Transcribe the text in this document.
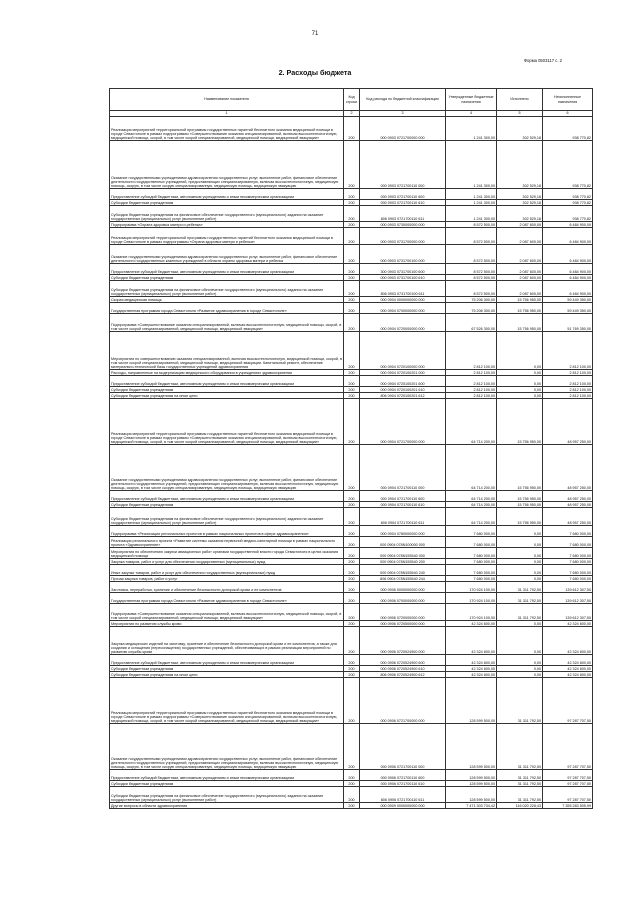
71
Форма 0503117 с. 2
2. Расходы бюджета
Наименование показателя	Код строки	Код расхода по бюджетной классификации	Утвержденные бюджетные назначения	Исполнено	Неисполненные назначения
1	2	3	4	5	6
Реализация мероприятий территориальной программы государственных гарантий бесплатного оказания медицинской помощи в городе Севастополе в рамках подпрограммы «Совершенствование оказания специализированной, включая высокотехнологичную, медицинской помощи, скорой, в том числе скорой специализированной, медицинской помощи, медицинской эвакуации»	200	000 0903 0721700000 000	1 241 300,00	302 529,18	938 770,82
Оказание государственными учреждениями здравоохранения государственных услуг, выполнение работ, финансовое обеспечение деятельности государственных учреждений, предоставляющих специализированную, включая высокотехнологичную, медицинскую помощь, скорую, в том числе скорую специализированную, медицинскую помощь, медицинскую эвакуацию	200	000 0903 0721700110 000	1 241 300,00	302 529,18	938 770,82
Предоставление субсидий бюджетным, автономным учреждениям и иным некоммерческим организациям	200	000 0903 0721700110 600	1 241 300,00	302 529,18	938 770,82
Субсидии бюджетным учреждениям	200	000 0903 0721700110 610	1 241 300,00	302 529,18	938 770,82
Субсидии бюджетным учреждениям на финансовое обеспечение государственного (муниципального) задания на оказание государственных (муниципальных) услуг (выполнение работ)	200	806 0903 0721700110 611	1 241 300,00	302 529,18	938 770,82
Подпрограмма «Охрана здоровья матери и ребенка»	200	000 0903 0730000000 000	8 572 500,00	2 087 600,00	6 484 900,00
Реализация мероприятий территориальной программы государственных гарантий бесплатного оказания медицинской помощи в городе Севастополе в рамках подпрограммы «Охрана здоровья матери и ребенка»	200	000 0903 0731700000 000	8 572 500,00	2 087 600,00	6 484 900,00
Оказание государственными учреждениями здравоохранения государственных услуг, выполнение работ, финансовое обеспечение деятельности государственных казенных учреждений в области охраны здоровья матери и ребенка	200	000 0903 0731700100 000	8 572 500,00	2 087 600,00	6 484 900,00
Предоставление субсидий бюджетным, автономным учреждениям и иным некоммерческим организациям	200	300 0903 0731700100 600	8 572 500,00	2 087 600,00	6 484 900,00
Субсидии бюджетным учреждениям	200	000 0903 0731700100 610	8 572 500,00	2 087 600,00	6 484 900,00
Субсидии бюджетным учреждениям на финансовое обеспечение государственного (муниципального) задания на оказание государственных (муниципальных) услуг (выполнение работ)	200	806 0903 0731700100 611	8 572 500,00	2 087 600,00	6 484 900,00
Скорая медицинская помощь	200	000 0904 0000000000 000	75 206 300,00	15 756 950,00	59 449 350,00
Государственная программа города Севастополя «Развитие здравоохранения в городе Севастополе»	200	000 0904 0700000000 000	75 206 300,00	15 756 950,00	59 449 350,00
Подпрограмма «Совершенствование оказания специализированной, включая высокотехнологичную, медицинской помощи, скорой, в том числе скорой специализированной, медицинской помощи, медицинской эвакуации»	200	000 0904 0720000000 000	67 526 300,00	15 756 950,00	51 769 350,00
Мероприятия по совершенствованию оказания специализированной, включая высокотехнологичную, медицинской помощи, скорой, в том числе скорой специализированной, медицинской помощи, медицинской эвакуации. Капитальный ремонт, обеспечение материально-технической базы государственных учреждений здравоохранения	200	000 0904 0720100000 000	2 812 100,00	0,00	2 812 100,00
Расходы, направленные на модернизацию медицинского оборудования в учреждениях здравоохранения	200	000 0904 0720100201 000	2 812 100,00	0,00	2 812 100,00
Предоставление субсидий бюджетным, автономным учреждениям и иным некоммерческим организациям	200	000 0904 0720100201 600	2 812 100,00	0,00	2 812 100,00
Субсидии бюджетным учреждениям	200	000 0904 0720100201 610	2 812 100,00	0,00	2 812 100,00
Субсидии бюджетным учреждениям на иные цели	200	806 0904 0720100201 612	2 812 100,00	0,00	2 812 100,00
Реализация мероприятий территориальной программы государственных гарантий бесплатного оказания медицинской помощи в городе Севастополе в рамках подпрограммы «Совершенствование оказания специализированной, включая высокотехнологичную, медицинской помощи, скорой, в том числе скорой специализированной, медицинской помощи, медицинской эвакуации»	200	000 0904 0721700000 000	64 714 200,00	15 756 950,00	48 957 250,00
Оказание государственными учреждениями здравоохранения государственных услуг, выполнение работ, финансовое обеспечение деятельности государственных учреждений, предоставляющих специализированную, включая высокотехнологичную, медицинскую помощь, скорую, в том числе скорую специализированную, медицинскую помощь, медицинскую эвакуацию	200	000 0904 0721700110 000	64 714 200,00	15 756 950,00	48 957 250,00
Предоставление субсидий бюджетным, автономным учреждениям и иным некоммерческим организациям	200	000 0904 0721700110 600	64 714 200,00	15 756 950,00	48 957 250,00
Субсидии бюджетным учреждениям	200	000 0904 0721700110 610	64 714 200,00	15 756 950,00	48 957 250,00
Субсидии бюджетным учреждениям на финансовое обеспечение государственного (муниципального) задания на оказание государственных (муниципальных) услуг (выполнение работ)	200	806 0904 0721700110 611	64 714 200,00	15 756 950,00	48 957 250,00
Подпрограмма «Реализация региональных проектов в рамках национальных проектов в сфере здравоохранения»	200	000 0904 0780000000 000	7 680 000,00	0,00	7 680 000,00
Реализация регионального проекта «Развитие системы оказания первичной медико-санитарной помощи в рамках национального проекта «Здравоохранение»	200	000 0904 078N100000 000	7 680 000,00	0,00	7 680 000,00
Мероприятия по обеспечению закупки авиационных работ органами государственной власти города Севастополя в целях оказания медицинской помощи	200	000 0904 078N155540 000	7 680 000,00	0,00	7 680 000,00
Закупка товаров, работ и услуг для обеспечения государственных (муниципальных) нужд	200	000 0904 078N155540 200	7 680 000,00	0,00	7 680 000,00
Иные закупки товаров, работ и услуг для обеспечения государственных (муниципальных) нужд	200	000 0904 078N155540 240	7 680 000,00	0,00	7 680 000,00
Прочая закупка товаров, работ и услуг	200	806 0904 078N155540 244	7 680 000,00	0,00	7 680 000,00
Заготовка, переработка, хранение и обеспечение безопасности донорской крови и ее компонентов	200	000 0906 0000000000 000	170 924 100,00	31 311 792,50	139 612 307,50
Государственная программа города Севастополя «Развитие здравоохранения в городе Севастополе»	200	000 0906 0700000000 000	170 924 100,00	31 311 792,50	139 612 307,50
Подпрограмма «Совершенствование оказания специализированной, включая высокотехнологичную, медицинской помощи, скорой, в том числе скорой специализированной, медицинской помощи, медицинской эвакуации»	200	000 0906 0720000000 000	170 924 100,00	31 311 792,50	139 612 307,50
Мероприятия по развитию службы крови	200	000 0906 0720500000 000	42 324 600,00	0,00	42 324 600,00
Закупка медицинских изделий на заготовку, хранение и обеспечение безопасности донорской крови и ее компонентов, а также для создания и оснащения (переоснащения) государственных учреждений, обеспечивающих в рамках реализации мероприятий по развитию службы крови	200	000 0906 0720524900 000	42 324 600,00	0,00	42 324 600,00
Предоставление субсидий бюджетным, автономным учреждениям и иным некоммерческим организациям	200	000 0906 0720524900 600	42 324 600,00	0,00	42 324 600,00
Субсидии бюджетным учреждениям	200	000 0906 0720524900 610	42 324 600,00	0,00	42 324 600,00
Субсидии бюджетным учреждениям на иные цели	200	806 0906 0720524900 612	42 324 600,00	0,00	42 324 600,00
Реализация мероприятий территориальной программы государственных гарантий бесплатного оказания медицинской помощи в городе Севастополе в рамках подпрограммы «Совершенствование оказания специализированной, включая высокотехнологичную, медицинской помощи, скорой, в том числе скорой специализированной, медицинской помощи, медицинской эвакуации»	200	000 0906 0721700000 000	128 599 500,00	31 311 792,50	97 287 707,50
Оказание государственными учреждениями здравоохранения государственных услуг, выполнение работ, финансовое обеспечение деятельности государственных учреждений, предоставляющих специализированную, включая высокотехнологичную, медицинскую помощь, скорую, в том числе скорую специализированную, медицинскую помощь, медицинскую эвакуацию	200	000 0906 0721700110 000	128 599 500,00	31 311 792,50	97 287 707,50
Предоставление субсидий бюджетным, автономным учреждениям и иным некоммерческим организациям	200	000 0906 0721700110 600	128 599 500,00	31 311 792,50	97 287 707,50
Субсидии бюджетным учреждениям	200	000 0906 0721700110 610	128 599 500,00	31 311 792,50	97 287 707,50
Субсидии бюджетным учреждениям на финансовое обеспечение государственного (муниципального) задания на оказание государственных (муниципальных) услуг (выполнение работ)	200	806 0906 0721700110 611	128 599 500,00	31 311 792,50	97 287 707,50
Другие вопросы в области здравоохранения	200	000 0909 0000000000 000	7 471 303 734,42	116 020 228,43	7 355 283 505,99
